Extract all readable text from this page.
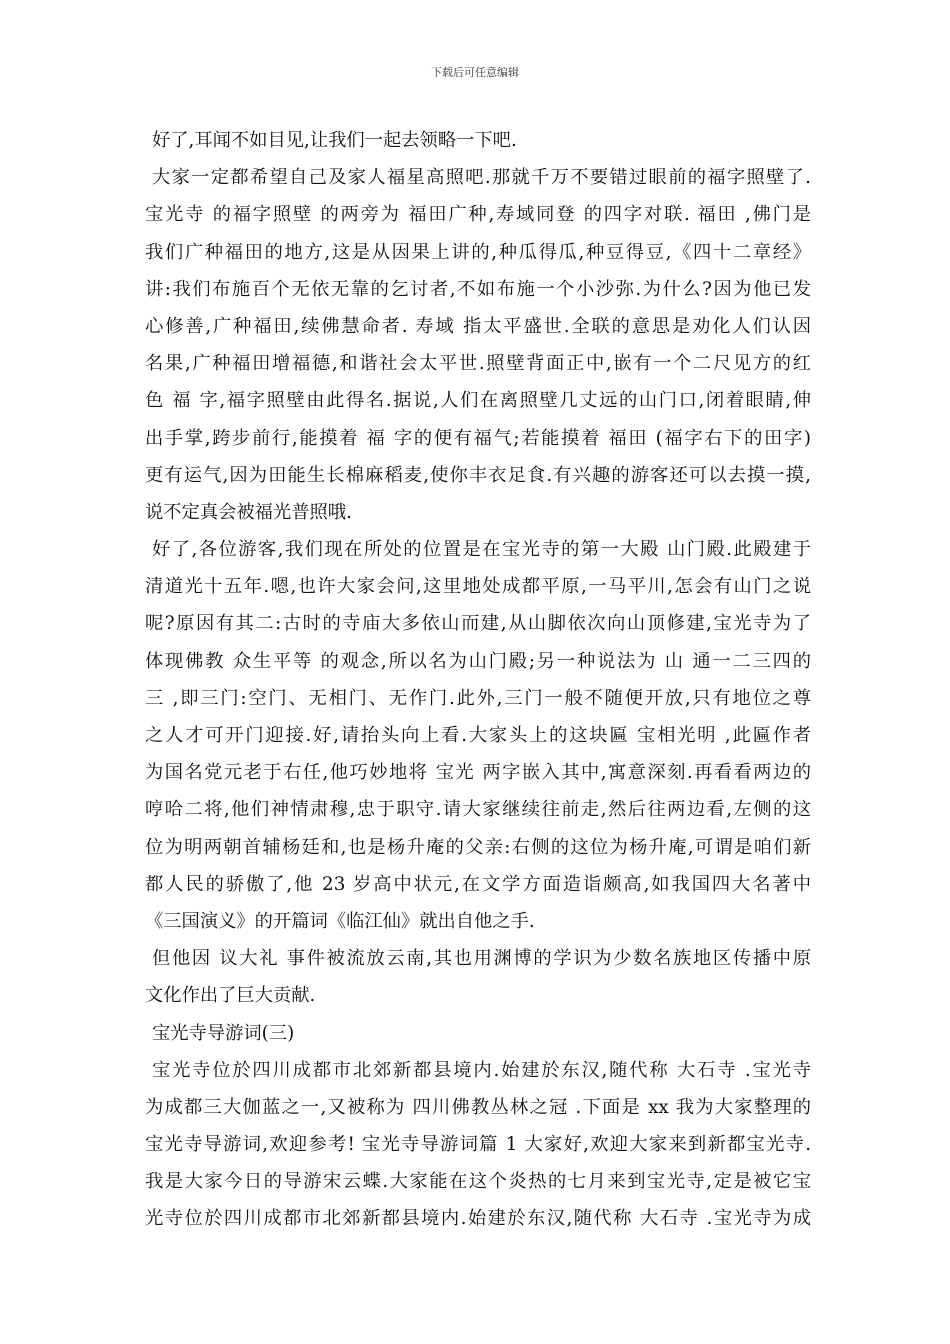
下载后可任意编辑
好了,耳闻不如目见,让我们一起去领略一下吧.
大家一定都希望自己及家人福星高照吧.那就千万不要错过眼前的福字照壁了.
宝光寺 的福字照壁 的两旁为 福田广种,寿域同登 的四字对联. 福田 ,佛门是
我们广种福田的地方,这是从因果上讲的,种瓜得瓜,种豆得豆,《四十二章经》
讲:我们布施百个无依无靠的乞讨者,不如布施一个小沙弥.为什么?因为他已发
心修善,广种福田,续佛慧命者. 寿域 指太平盛世.全联的意思是劝化人们认因
名果,广种福田增福德,和谐社会太平世.照壁背面正中,嵌有一个二尺见方的红
色 福 字,福字照壁由此得名.据说,人们在离照壁几丈远的山门口,闭着眼睛,伸
出手掌,跨步前行,能摸着 福 字的便有福气;若能摸着 福田 (福字右下的田字)
更有运气,因为田能生长棉麻稻麦,使你丰衣足食.有兴趣的游客还可以去摸一摸,
说不定真会被福光普照哦.
好了,各位游客,我们现在所处的位置是在宝光寺的第一大殿 山门殿.此殿建于
清道光十五年.嗯,也许大家会问,这里地处成都平原,一马平川,怎会有山门之说
呢?原因有其二:古时的寺庙大多依山而建,从山脚依次向山顶修建,宝光寺为了
体现佛教 众生平等 的观念,所以名为山门殿;另一种说法为 山 通一二三四的
三 ,即三门:空门、无相门、无作门.此外,三门一般不随便开放,只有地位之尊
之人才可开门迎接.好,请抬头向上看.大家头上的这块匾 宝相光明 ,此匾作者
为国名党元老于右任,他巧妙地将 宝光 两字嵌入其中,寓意深刻.再看看两边的
哼哈二将,他们神情肃穆,忠于职守.请大家继续往前走,然后往两边看,左侧的这
位为明两朝首辅杨廷和,也是杨升庵的父亲:右侧的这位为杨升庵,可谓是咱们新
都人民的骄傲了,他 23 岁高中状元,在文学方面造诣颇高,如我国四大名著中
《三国演义》的开篇词《临江仙》就出自他之手.
但他因 议大礼 事件被流放云南,其也用渊博的学识为少数名族地区传播中原
文化作出了巨大贡献.
宝光寺导游词(三)
宝光寺位於四川成都市北郊新都县境内.始建於东汉,随代称 大石寺 .宝光寺
为成都三大伽蓝之一,又被称为 四川佛教丛林之冠 .下面是 xx 我为大家整理的
宝光寺导游词,欢迎参考! 宝光寺导游词篇 1 大家好,欢迎大家来到新都宝光寺.
我是大家今日的导游宋云蝶.大家能在这个炎热的七月来到宝光寺,定是被它宝
光寺位於四川成都市北郊新都县境内.始建於东汉,随代称 大石寺 .宝光寺为成
